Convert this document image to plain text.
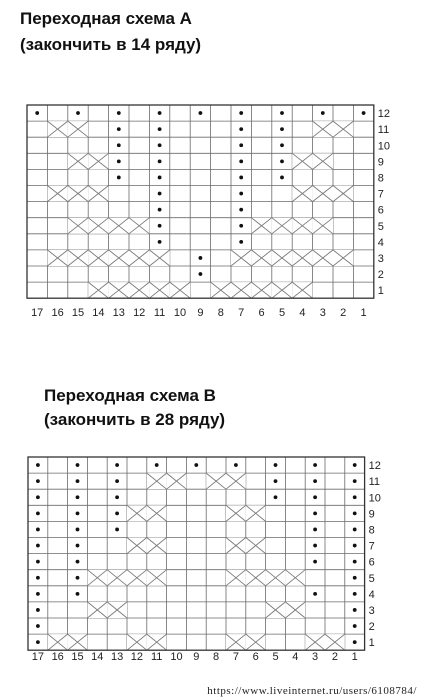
Переходная схема А
(закончить в 14 ряду)
12
11
10
9
8
7
6
5
4
3
2
1
17 16 15 14 13 12 11 10 9 8 7 6 5 4 3 2 1
Переходная схема В
(закончить в 28 ряду)
12
11
10
9
8
7
6
5
4
3
2
1
17 16 15 14 13 12 11 10 9 8 7 6 5 4 3 2 1
https://www.liveinternet.ru/users/6108784/
